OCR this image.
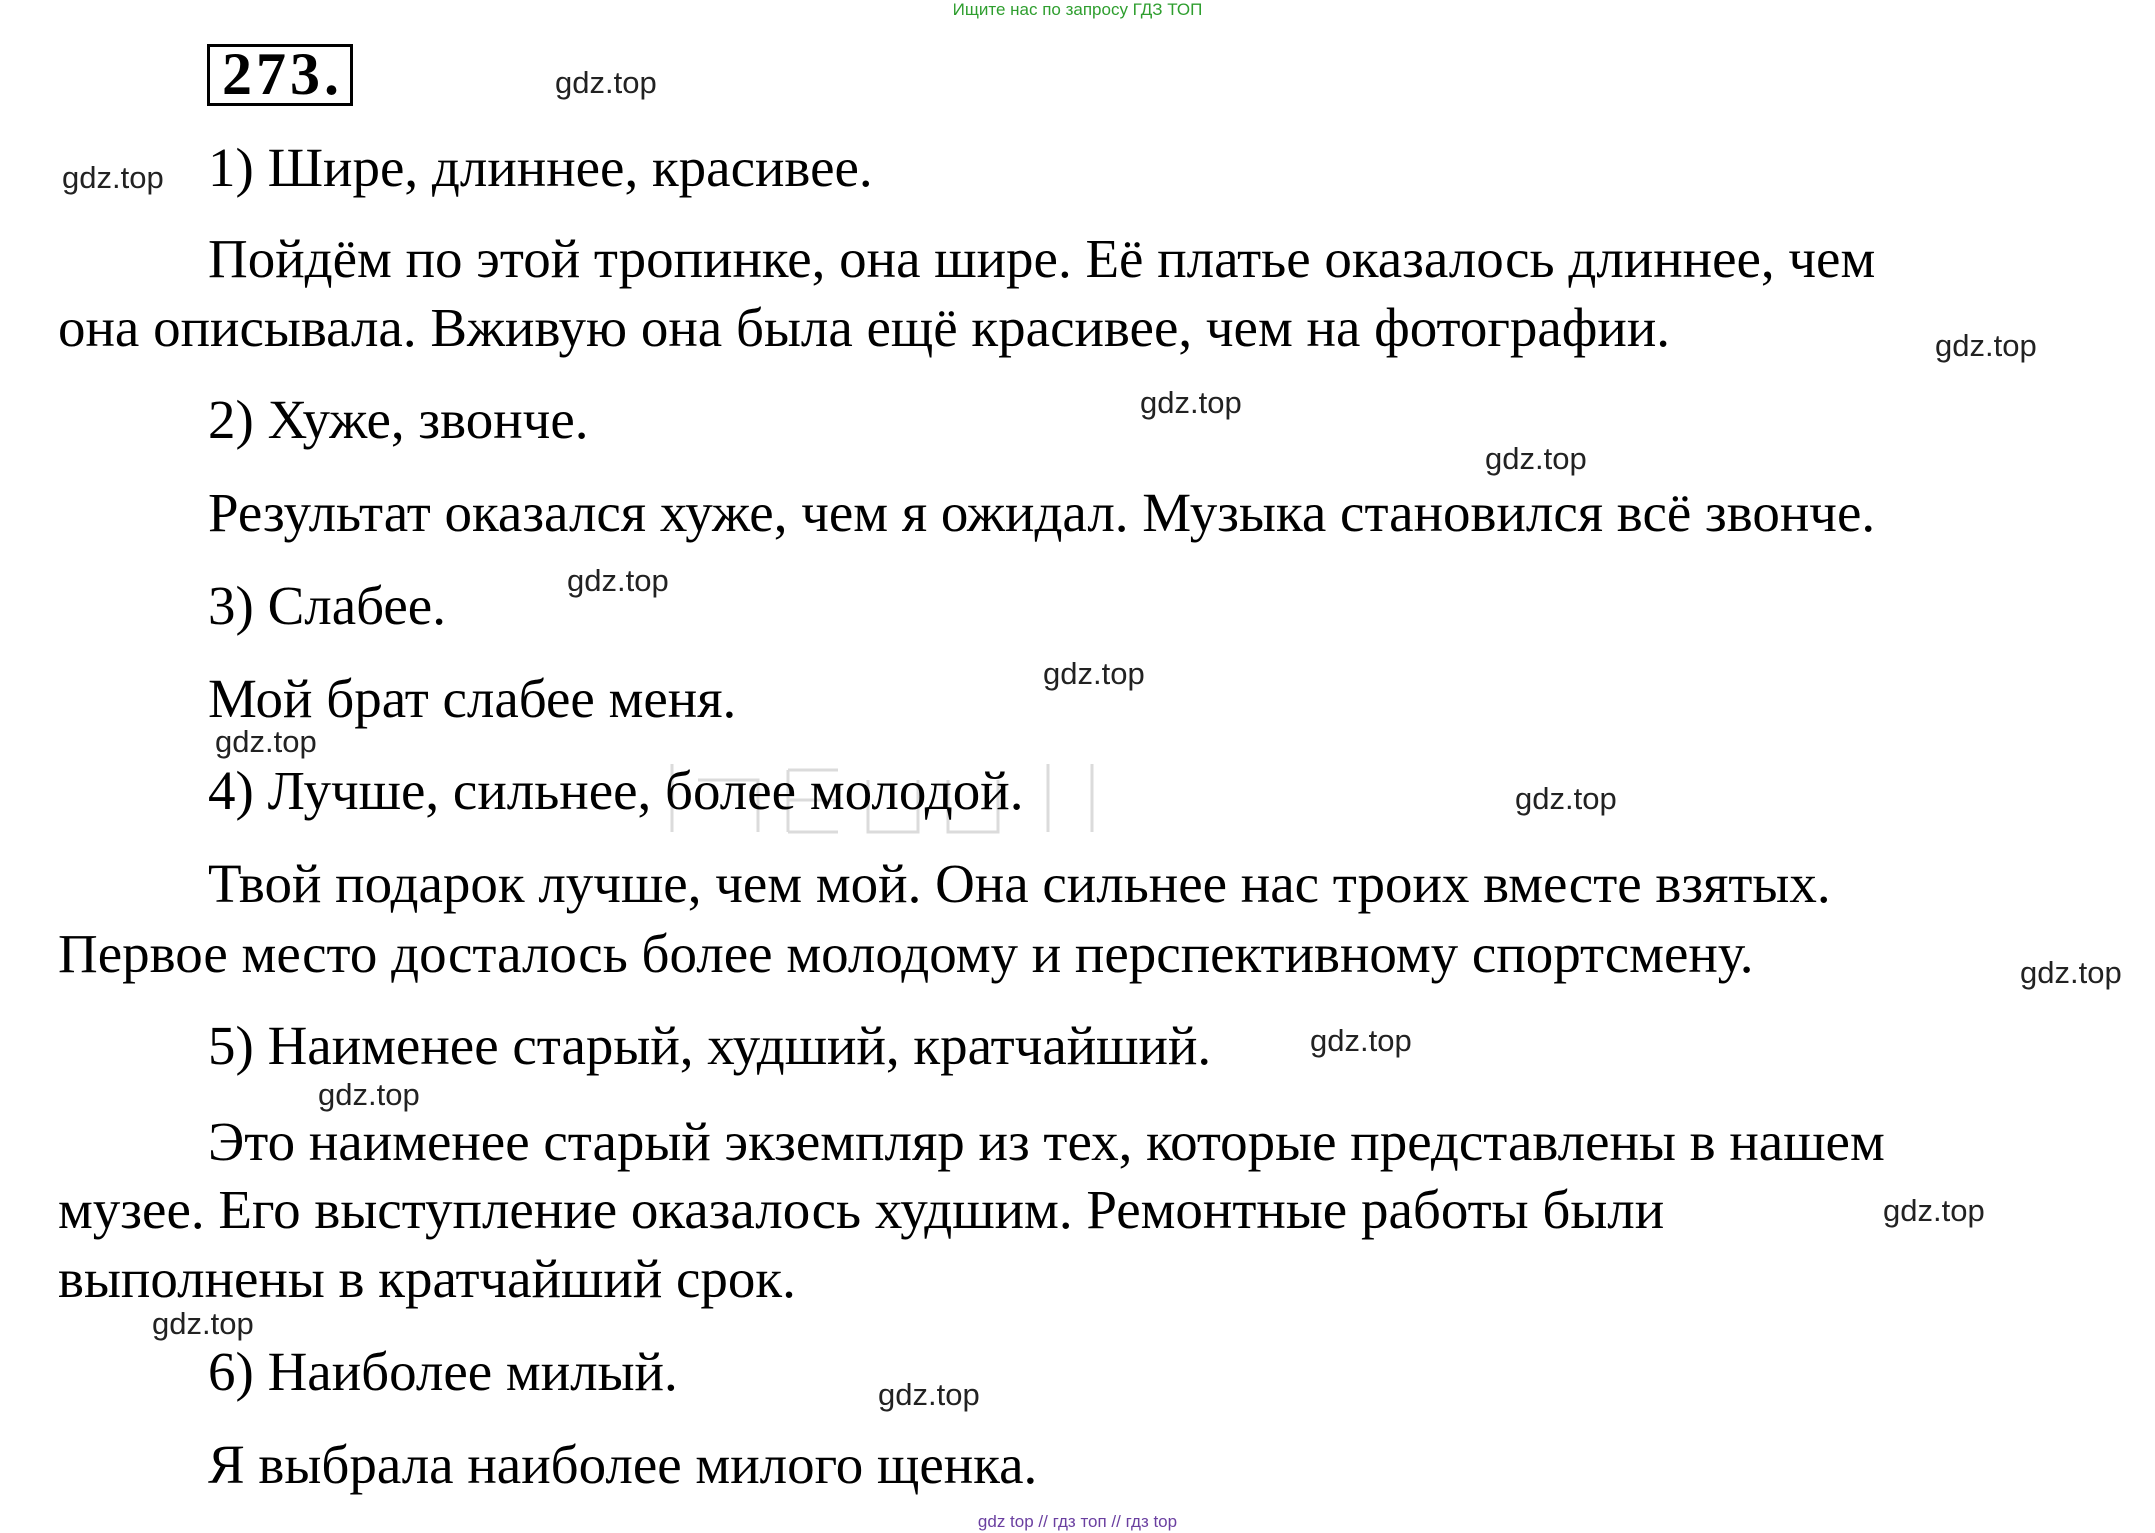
Ищите нас по запросу ГДЗ ТОП
273.
1) Шире, длиннее, красивее.
Пойдём по этой тропинке, она шире. Её платье оказалось длиннее, чем
она описывала. Вживую она была ещё красивее, чем на фотографии.
2) Хуже, звонче.
Результат оказался хуже, чем я ожидал. Музыка становился всё звонче.
3) Слабее.
Мой брат слабее меня.
4) Лучше, сильнее, более молодой.
Твой подарок лучше, чем мой. Она сильнее нас троих вместе взятых.
Первое место досталось более молодому и перспективному спортсмену.
5) Наименее старый, худший, кратчайший.
Это наименее старый экземпляр из тех, которые представлены в нашем
музее. Его выступление оказалось худшим. Ремонтные работы были
выполнены в кратчайший срок.
6) Наиболее милый.
Я выбрала наиболее милого щенка.
gdz.top
gdz.top
gdz.top
gdz.top
gdz.top
gdz.top
gdz.top
gdz.top
gdz.top
gdz.top
gdz.top
gdz.top
gdz.top
gdz.top
gdz.top
gdz top // гдз топ // гдз top
